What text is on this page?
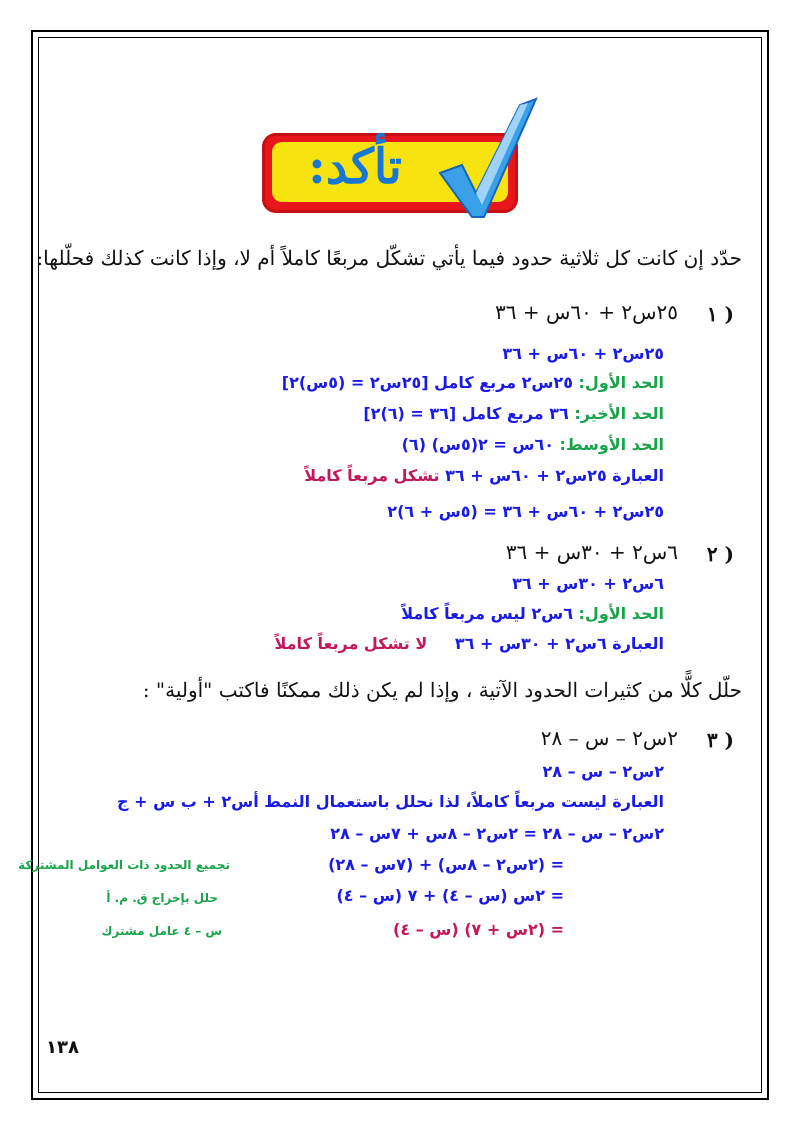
تأكد:
حدّد إن كانت كل ثلاثية حدود فيما يأتي تشكّل مربعًا كاملاً أم لا، وإذا كانت كذلك فحلّلها:
١ )
٢٥س٢ + ٦٠س + ٣٦
٢٥س٢ + ٦٠س + ٣٦
الحد الأول: ٢٥س٢ مربع كامل [٢٥س٢ = (٥س)٢]
الحد الأخير: ٣٦ مربع كامل [٣٦ = (٦)٢]
الحد الأوسط: ٦٠س = ٢(٥س) (٦)
العبارة ٢٥س٢ + ٦٠س + ٣٦ تشكل مربعاً كاملاً
٢٥س٢ + ٦٠س + ٣٦ = (٥س + ٦)٢
٢ )
٦س٢ + ٣٠س + ٣٦
٦س٢ + ٣٠س + ٣٦
الحد الأول: ٦س٢ ليس مربعاً كاملاً
العبارة ٦س٢ + ٣٠س + ٣٦ لا تشكل مربعاً كاملاً
حلّل كلًّا من كثيرات الحدود الآتية ، وإذا لم يكن ذلك ممكنًا فاكتب "أولية" :
٣ )
٢س٢ – س – ٢٨
٢س٢ – س – ٢٨
العبارة ليست مربعاً كاملاً، لذا نحلل باستعمال النمط أس٢ + ب س + ج
٢س٢ – س – ٢٨ = ٢س٢ – ٨س + ٧س – ٢٨
= (٢س٢ – ٨س) + (٧س – ٢٨)
تجميع الحدود ذات العوامل المشتركة
= ٢س (س – ٤) + ٧ (س – ٤)
حلل بإخراج ق. م. أ
= (٢س + ٧) (س – ٤)
س – ٤ عامل مشترك
١٣٨
